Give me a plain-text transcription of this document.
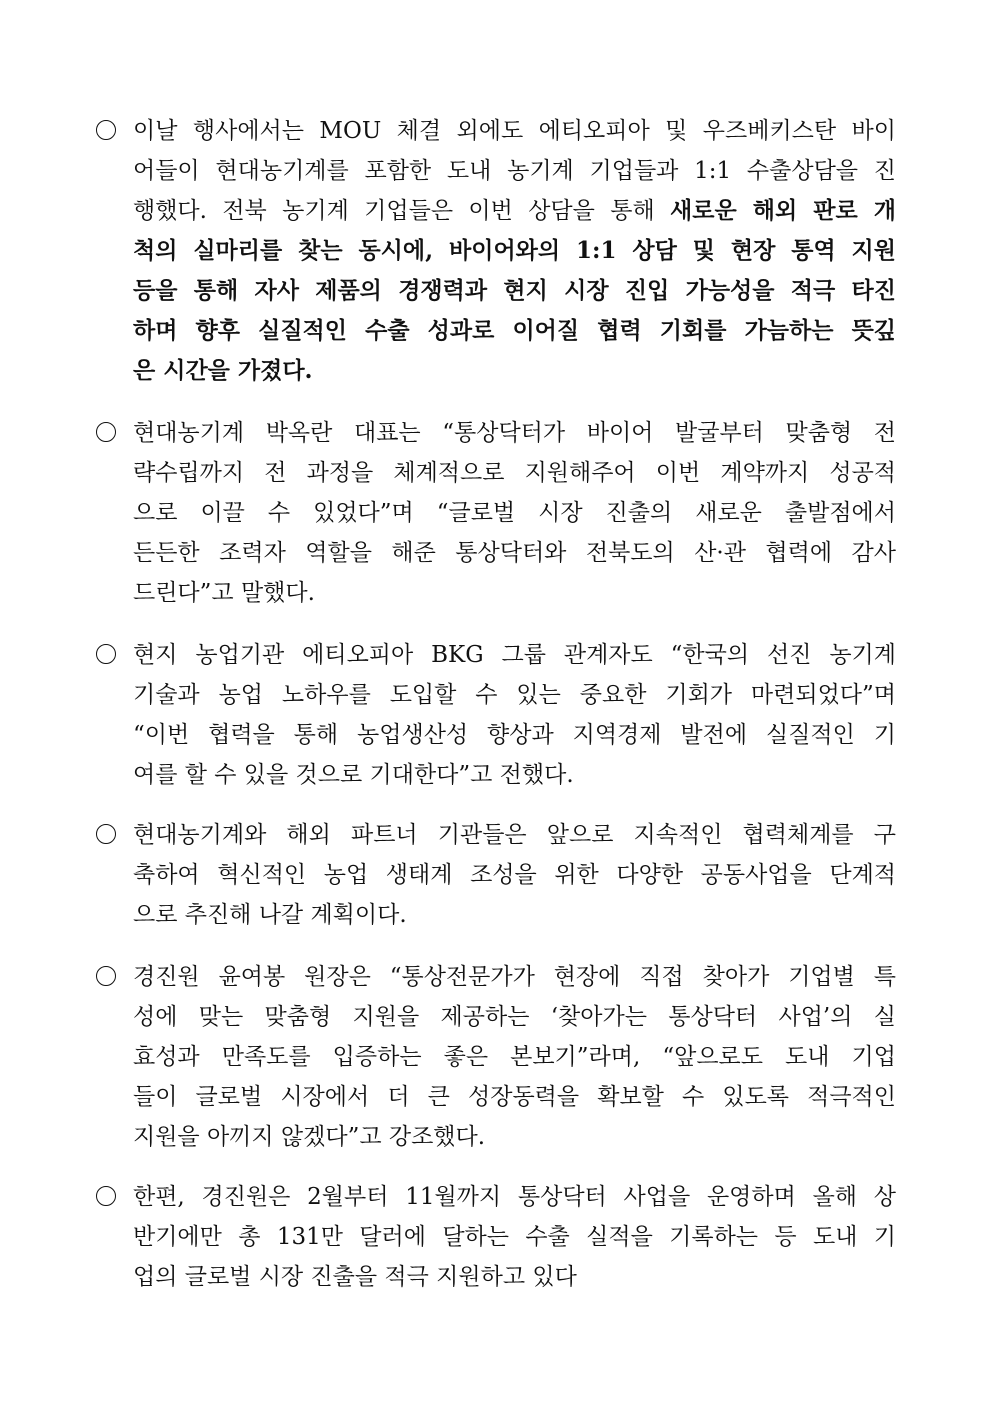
이날 행사에서는 MOU 체결 외에도 에티오피아 및 우즈베키스탄 바이
어들이 현대농기계를 포함한 도내 농기계 기업들과 1:1 수출상담을 진
행했다. 전북 농기계 기업들은 이번 상담을 통해 새로운 해외 판로 개
척의 실마리를 찾는 동시에, 바이어와의 1:1 상담 및 현장 통역 지원
등을 통해 자사 제품의 경쟁력과 현지 시장 진입 가능성을 적극 타진
하며 향후 실질적인 수출 성과로 이어질 협력 기회를 가늠하는 뜻깊
은 시간을 가졌다.
현대농기계 박옥란 대표는 “통상닥터가 바이어 발굴부터 맞춤형 전
략수립까지 전 과정을 체계적으로 지원해주어 이번 계약까지 성공적
으로 이끌 수 있었다”며 “글로벌 시장 진출의 새로운 출발점에서
든든한 조력자 역할을 해준 통상닥터와 전북도의 산·관 협력에 감사
드린다”고 말했다.
현지 농업기관 에티오피아 BKG 그룹 관계자도 “한국의 선진 농기계
기술과 농업 노하우를 도입할 수 있는 중요한 기회가 마련되었다”며
“이번 협력을 통해 농업생산성 향상과 지역경제 발전에 실질적인 기
여를 할 수 있을 것으로 기대한다”고 전했다.
현대농기계와 해외 파트너 기관들은 앞으로 지속적인 협력체계를 구
축하여 혁신적인 농업 생태계 조성을 위한 다양한 공동사업을 단계적
으로 추진해 나갈 계획이다.
경진원 윤여봉 원장은 “통상전문가가 현장에 직접 찾아가 기업별 특
성에 맞는 맞춤형 지원을 제공하는 ‘찾아가는 통상닥터 사업’의 실
효성과 만족도를 입증하는 좋은 본보기”라며, “앞으로도 도내 기업
들이 글로벌 시장에서 더 큰 성장동력을 확보할 수 있도록 적극적인
지원을 아끼지 않겠다”고 강조했다.
한편, 경진원은 2월부터 11월까지 통상닥터 사업을 운영하며 올해 상
반기에만 총 131만 달러에 달하는 수출 실적을 기록하는 등 도내 기
업의 글로벌 시장 진출을 적극 지원하고 있다
